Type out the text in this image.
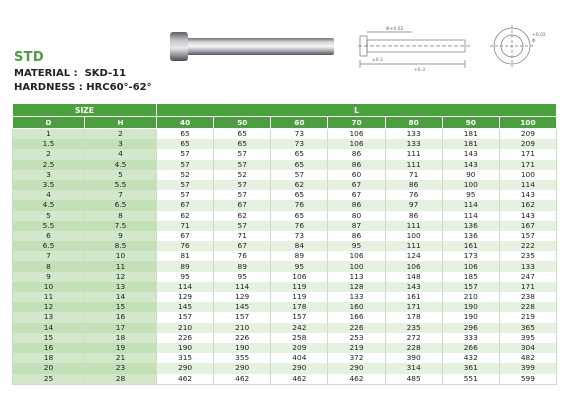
Φ+0.02
±0.2
+0.3
+0.02
Φ
STD
MATERIAL :  SKD-11
HARDNESS : HRC60°-62°
SIZE		L						
D	H	40	50	60	70	80	90	100
1	2	65	65	73	106	133	181	209
1.5	3	65	65	73	106	133	181	209
2	4	57	57	65	86	111	143	171
2.5	4.5	57	57	65	86	111	143	171
3	5	52	52	57	60	71	90	100
3.5	5.5	57	57	62	67	86	100	114
4	7	57	57	65	67	76	95	143
4.5	6.5	67	67	76	86	97	114	162
5	8	62	62	65	80	86	114	143
5.5	7.5	71	57	76	87	111	136	167
6	9	67	71	73	86	100	136	157
6.5	8.5	76	67	84	95	111	161	222
7	10	81	76	89	106	124	173	235
8	11	89	89	95	100	106	106	133
9	12	95	95	106	113	148	185	247
10	13	114	114	119	128	143	157	171
11	14	129	129	119	133	161	210	238
12	15	145	145	178	160	171	190	228
13	16	157	157	157	166	178	190	219
14	17	210	210	242	226	235	296	365
15	18	226	226	258	253	272	333	395
16	19	190	190	209	219	228	266	304
18	21	315	355	404	372	390	432	482
20	23	290	290	290	290	314	361	399
25	28	462	462	462	462	485	551	599
